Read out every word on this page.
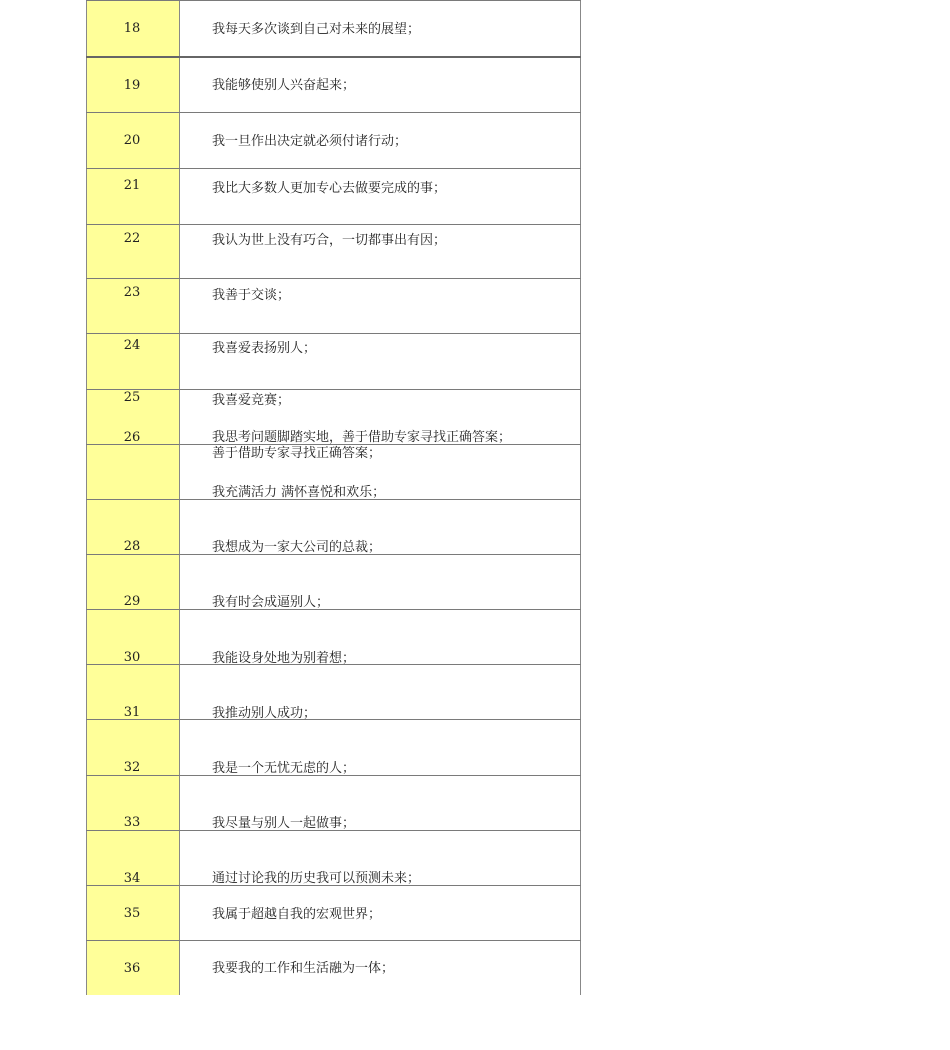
18
19
20
21
22
23
24
25
26
28
29
30
31
32
33
34
35
36
我每天多次谈到自己对未来的展望；
我能够使别人兴奋起来；
我一旦作出决定就必须付诸行动；
我比大多数人更加专心去做要完成的事；
我认为世上没有巧合，一切都事出有因；
我善于交谈；
我喜爱表扬别人；
我喜爱竞赛；
我思考问题脚踏实地，善于借助专家寻找正确答案；
善于借助专家寻找正确答案；
我充满活力 满怀喜悦和欢乐；
我想成为一家大公司的总裁；
我有时会成逼别人；
我能设身处地为别着想；
我推动别人成功；
我是一个无忧无虑的人；
我尽量与别人一起做事；
通过讨论我的历史我可以预测未来；
我属于超越自我的宏观世界；
我要我的工作和生活融为一体；
